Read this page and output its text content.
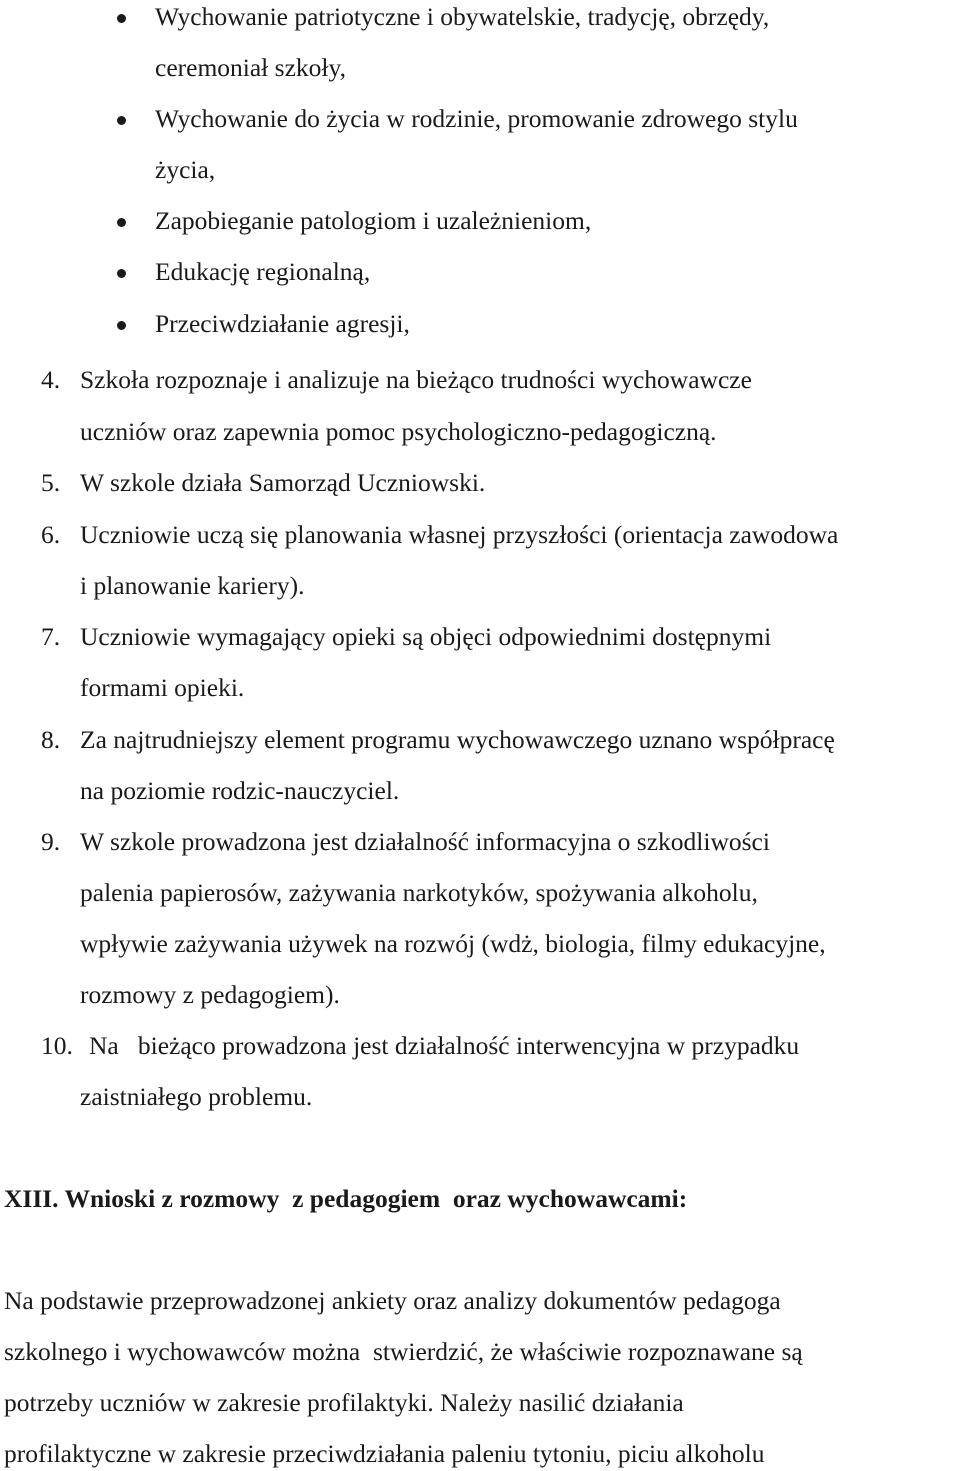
Wychowanie patriotyczne i obywatelskie, tradycję, obrzędy,
ceremoniał szkoły,
Wychowanie do życia w rodzinie, promowanie zdrowego stylu
życia,
Zapobieganie patologiom i uzależnieniom,
Edukację regionalną,
Przeciwdziałanie agresji,
4. Szkoła rozpoznaje i analizuje na bieżąco trudności wychowawcze
uczniów oraz zapewnia pomoc psychologiczno-pedagogiczną.
5. W szkole działa Samorząd Uczniowski.
6. Uczniowie uczą się planowania własnej przyszłości (orientacja zawodowa
i planowanie kariery).
7. Uczniowie wymagający opieki są objęci odpowiednimi dostępnymi
formami opieki.
8. Za najtrudniejszy element programu wychowawczego uznano współpracę
na poziomie rodzic-nauczyciel.
9. W szkole prowadzona jest działalność informacyjna o szkodliwości
palenia papierosów, zażywania narkotyków, spożywania alkoholu,
wpływie zażywania używek na rozwój (wdż, biologia, filmy edukacyjne,
rozmowy z pedagogiem).
10. Na   bieżąco prowadzona jest działalność interwencyjna w przypadku
zaistniałego problemu.
XIII. Wnioski z rozmowy  z pedagogiem  oraz wychowawcami:
Na podstawie przeprowadzonej ankiety oraz analizy dokumentów pedagoga
szkolnego i wychowawców można  stwierdzić, że właściwie rozpoznawane są
potrzeby uczniów w zakresie profilaktyki. Należy nasilić działania
profilaktyczne w zakresie przeciwdziałania paleniu tytoniu, piciu alkoholu
